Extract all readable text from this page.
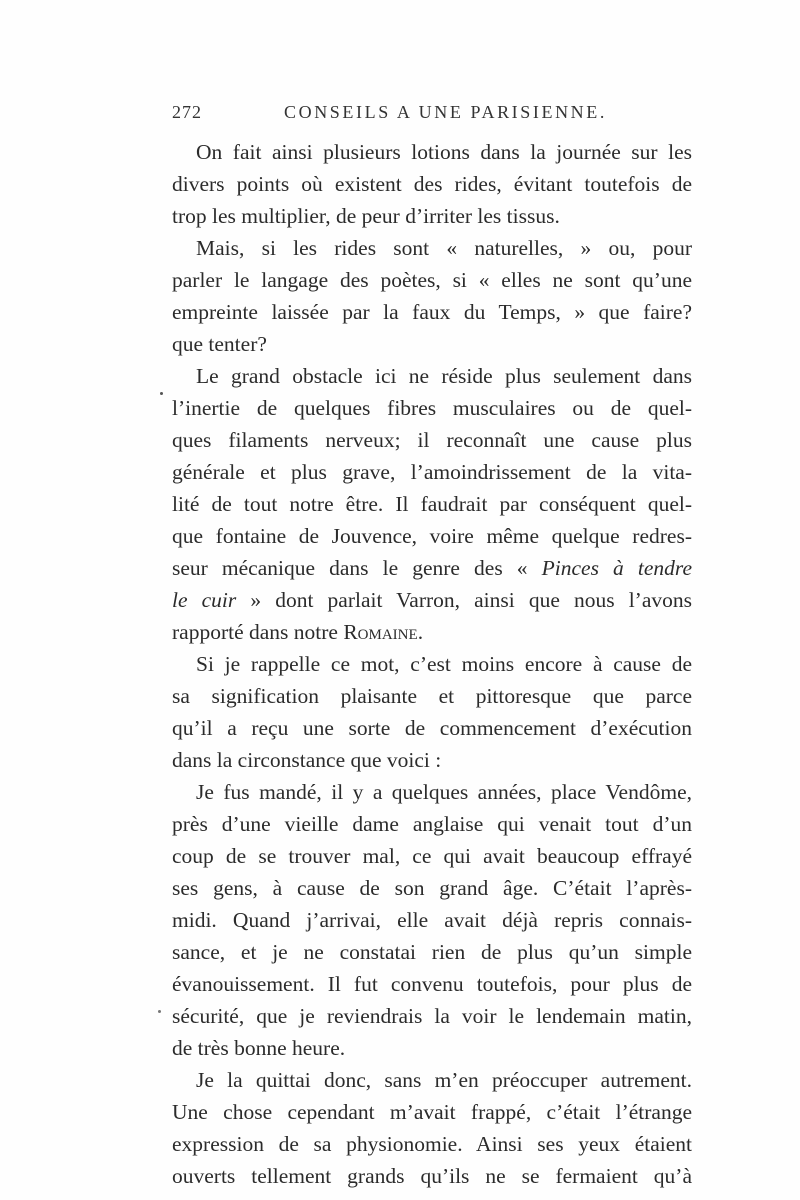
272	CONSEILS A UNE PARISIENNE.
On fait ainsi plusieurs lotions dans la journée sur les
divers points où existent des rides, évitant toutefois de
trop les multiplier, de peur d’irriter les tissus.
Mais, si les rides sont « naturelles, » ou, pour
parler le langage des poètes, si « elles ne sont qu’une
empreinte laissée par la faux du Temps, » que faire?
que tenter?
Le grand obstacle ici ne réside plus seulement dans
l’inertie de quelques fibres musculaires ou de quel-
ques filaments nerveux; il reconnaît une cause plus
générale et plus grave, l’amoindrissement de la vita-
lité de tout notre être. Il faudrait par conséquent quel-
que fontaine de Jouvence, voire même quelque redres-
seur mécanique dans le genre des « Pinces à tendre
le cuir » dont parlait Varron, ainsi que nous l’avons
rapporté dans notre Romaine.
Si je rappelle ce mot, c’est moins encore à cause de
sa signification plaisante et pittoresque que parce
qu’il a reçu une sorte de commencement d’exécution
dans la circonstance que voici :
Je fus mandé, il y a quelques années, place Vendôme,
près d’une vieille dame anglaise qui venait tout d’un
coup de se trouver mal, ce qui avait beaucoup effrayé
ses gens, à cause de son grand âge. C’était l’après-
midi. Quand j’arrivai, elle avait déjà repris connais-
sance, et je ne constatai rien de plus qu’un simple
évanouissement. Il fut convenu toutefois, pour plus de
sécurité, que je reviendrais la voir le lendemain matin,
de très bonne heure.
Je la quittai donc, sans m’en préoccuper autrement.
Une chose cependant m’avait frappé, c’était l’étrange
expression de sa physionomie. Ainsi ses yeux étaient
ouverts tellement grands qu’ils ne se fermaient qu’à
